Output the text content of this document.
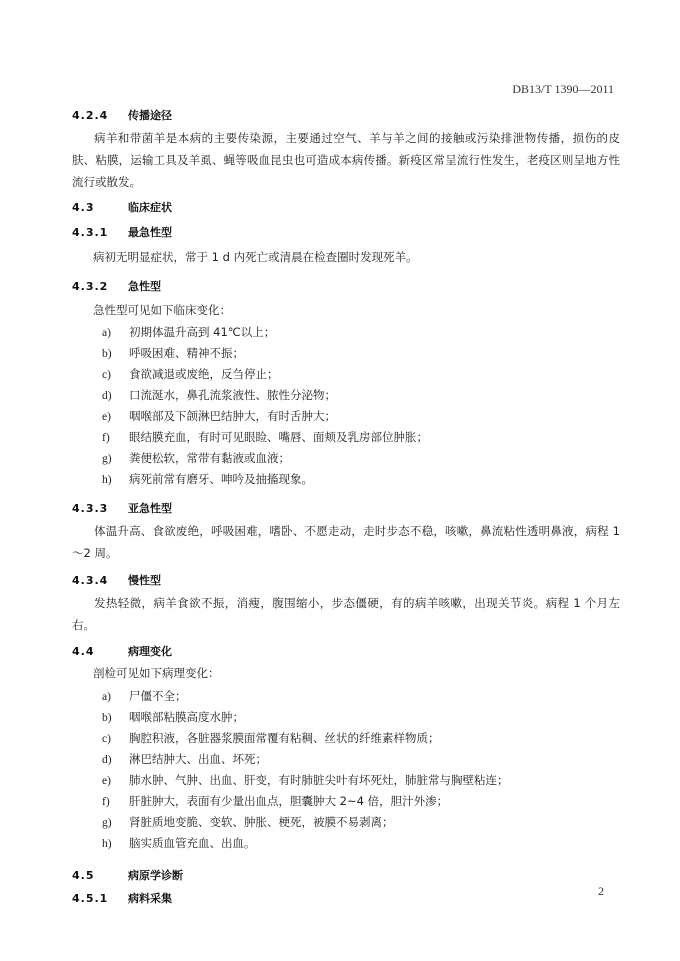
DB13/T 1390—2011
4.2.4 传播途径

病羊和带菌羊是本病的主要传染源，主要通过空气、羊与羊之间的接触或污染排泄物传播，损伤的皮肤、粘膜，运输工具及羊虱、蝇等吸血昆虫也可造成本病传播。新疫区常呈流行性发生，老疫区则呈地方性流行或散发。

4.3	临床症状
4.3.1 最急性型
病初无明显症状，常于 1 d 内死亡或清晨在检查圈时发现死羊。
4.3.2 急性型
急性型可见如下临床变化：
a) 初期体温升高到 41℃以上；
b) 呼吸困难、精神不振；
c) 食欲减退或废绝，反刍停止；
d) 口流涎水，鼻孔流浆液性、脓性分泌物；
e) 咽喉部及下颌淋巴结肿大，有时舌肿大；
f) 眼结膜充血，有时可见眼睑、嘴唇、面颊及乳房部位肿胀；
g) 粪便松软，常带有黏液或血液；
h) 病死前常有磨牙、呻吟及抽搐现象。
4.3.3 亚急性型

体温升高、食欲废绝，呼吸困难，嗜卧、不愿走动，走时步态不稳，咳嗽，鼻流粘性透明鼻液，病程 1～2 周。

4.3.4 慢性型

发热轻微，病羊食欲不振，消瘦，腹围缩小，步态僵硬，有的病羊咳嗽，出现关节炎。病程 1 个月左右。

4.4	病理变化
剖检可见如下病理变化：
a) 尸僵不全；
b) 咽喉部粘膜高度水肿；
c) 胸腔积液，各脏器浆膜面常覆有粘稠、丝状的纤维素样物质；
d) 淋巴结肿大、出血、坏死；
e) 肺水肿、气肿、出血、肝变，有时肺脏尖叶有坏死灶，肺脏常与胸壁粘连；
f) 肝脏肿大，表面有少量出血点，胆囊肿大 2~4 倍，胆汁外渗；
g) 肾脏质地变脆、变软、肿胀、梗死，被膜不易剥离；
h) 脑实质血管充血、出血。
4.5	病原学诊断
4.5.1 病料采集
2
